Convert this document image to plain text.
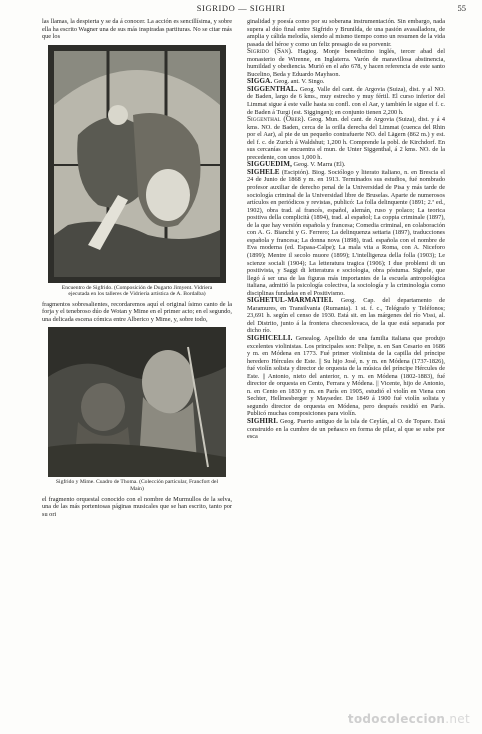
SIGRIDO — SIGHIRI	55

las llamas, la despierta y se da á conocer. La acción es sencillísima, y sobre ella ha escrito Wagner una de sus más inspiradas partituras. No se citar más que los

Encuentro de Sigfrido. (Composición de Dugarto Jimyent. Vidriera ejecutada en los talleres de Vidriería artística de A. Bordalba)

fragmentos sobresalientes, recordaremos aquí el original ísimo canto de la forja y el tenebroso dúo de Wotan y Mime en el primer acto; en el segundo, una delicada escena cómica entre Alberico y Mime, y, sobre todo,

Sigfrido y Mime. Cuadro de Thoma. (Colección particular, Francfort del Main)

el fragmento orquestal conocido con el nombre de Murmullos de la selva, una de las más portentosas páginas musicales que se han escrito, tanto por su ori

ginalidad y poesía como por su soberana instrumentación. Sin embargo, nada supera al dúo final entre Sigfrido y Brunilda, de una pasión avasalladora, de amplia y cálida melodía, siendo al mismo tiempo como un resumen de la vida pasada del héroe y como un feliz presagio de su porvenir.

Sigrido (San). Hagiog. Monje benedictino inglés, tercer abad del monasterio de Wirenne, en Inglaterra. Varón de maravillosa abstinencia, humildad y obediencia. Murió en el año 678, y hacen referencia de este santo Bucelino, Beda y Eduardo Mayhson.

SIGGA. Geog. ant. V. Singo.

SIGGENTHAL. Geog. Valle del cant. de Argovia (Suiza), dist. y al NO. de Baden, largo de 6 kms., muy estrecho y muy fértil. El curso inferior del Limmat sigue á este valle hasta su confl. con el Aar, y también le sigue el f. c. de Baden á Turgi (est. Siggingen); en conjunto tienen 2,200 h.

Siggenthal (Ober). Geog. Mun. del cant. de Argovia (Suiza), dist. y á 4 kms. NO. de Baden, cerca de la orilla derecha del Limmat (cuenca del Rhin por el Aar), al pie de un pequeño contrafuerte NO. del Lägern (862 m.) y est. del f. c. de Zurich á Waldshut; 1,200 h. Comprende la pobl. de Kirchdorf. En sus cercanías se encuentra el mun. de Unter Siggenthal, á 2 kms. NO. de la precedente, con unos 1,000 h.

SIGGUEDIM, Geog. V. Marra (El).

SIGHELE (Escipión). Biog. Sociólogo y literato italiano, n. en Brescia el 24 de Junio de 1868 y m. en 1913. Terminados sus estudios, fué nombrado profesor auxiliar de derecho penal de la Universidad de Pisa y más tarde de sociología criminal de la Universidad libre de Bruselas. Aparte de numerosos artículos en periódicos y revistas, publicó: La folla delinquente (1891; 2.ª ed., 1902), obra trad. al francés, español, alemán, ruso y polaco; La teorica positiva della complicità (1894), trad. al español; La coppia criminale (1897), de la que hay versión española y francesa; Comedia criminal, en colaboración con A. G. Bianchi y G. Ferrero; La delinquenza settaria (1897), traducciones española y francesa; La donna nova (1898), trad. española con el nombre de Eva moderna (ed. Espasa-Calpe); La mala vita a Roma, con A. Niceforo (1899); Mentre il secolo muore (1899); L'intelligenza della folla (1903); Le scienze sociali (1904); La letteratura tragica (1906); I due problemi di un positivista, y Saggi di letteratura e sociologia, obra póstuma. Sighele, que llegó á ser una de las figuras más importantes de la escuela antropológica italiana, admitió la psicología colectiva, la sociología y la criminología como disciplinas fundadas en el Positivismo.

SIGHETUL-MARMATIEI. Geog. Cap. del departamento de Maramures, en Transilvania (Rumania). 1 st. f. c., Telégrafo y Teléfonos; 23,691 h. según el censo de 1930. Está sit. en las márgenes del río Vissi, al. del Distrito, junto á la frontera checoeslovaca, de la que está separada por dicho río.

SIGHICELLI. Genealog. Apellido de una familia italiana que produjo excelentes violinistas. Los principales son: Felipe, n. en San Cesario en 1686 y m. en Módena en 1773. Fué primer violinista de la capilla del príncipe heredero Hércules de Este. || Su hijo José, n. y m. en Módena (1737-1826), fué violín solista y director de orquesta de la música del príncipe Hércules de Este. || Antonio, nieto del anterior, n. y m. en Módena (1802-1883), fué director de orquesta en Cento, Ferrara y Módena. || Vicente, hijo de Antonio, n. en Cento en 1830 y m. en París en 1905, estudió el violín en Viena con Sechter, Hellmesberger y Mayseder. De 1849 á 1900 fué violín solista y segundo director de orquesta en Módena, pero después residió en París. Publicó muchas composiciones para violín.

SIGHIRI. Geog. Puerto antiguo de la isla de Ceylán, al O. de Topare. Está construido en la cumbre de un peñasco en forma de pilar, al que se sube por esca

todocoleccion.net
